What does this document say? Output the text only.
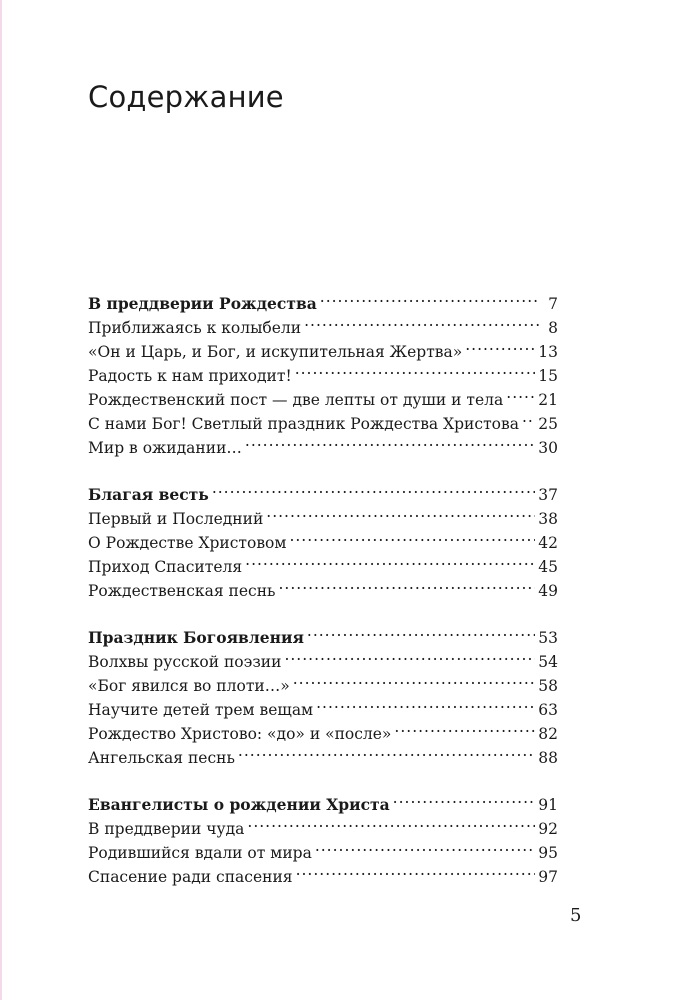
Содержание
В преддверии Рождества .....	7
Приближаясь к колыбели .....	8
«Он и Царь, и Бог, и искупительная Жертва» .....	13
Радость к нам приходит! .....	15
Рождественский пост — две лепты от души и тела ..... 21
С нами Бог! Светлый праздник Рождества Христова ..... 25
Мир в ожидании… .....	30
Благая весть .....	37
Первый и Последний .....	38
О Рождестве Христовом .....	42
Приход Спасителя .....	45
Рождественская песнь .....	49
Праздник Богоявления .....	53
Волхвы русской поэзии .....	54
«Бог явился во плоти…» .....	58
Научите детей трем вещам .....	63
Рождество Христово: «до» и «после» .....	82
Ангельская песнь .....	88
Евангелисты о рождении Христа .....	91
В преддверии чуда .....	92
Родившийся вдали от мира .....	95
Спасение ради спасения .....	97
5
